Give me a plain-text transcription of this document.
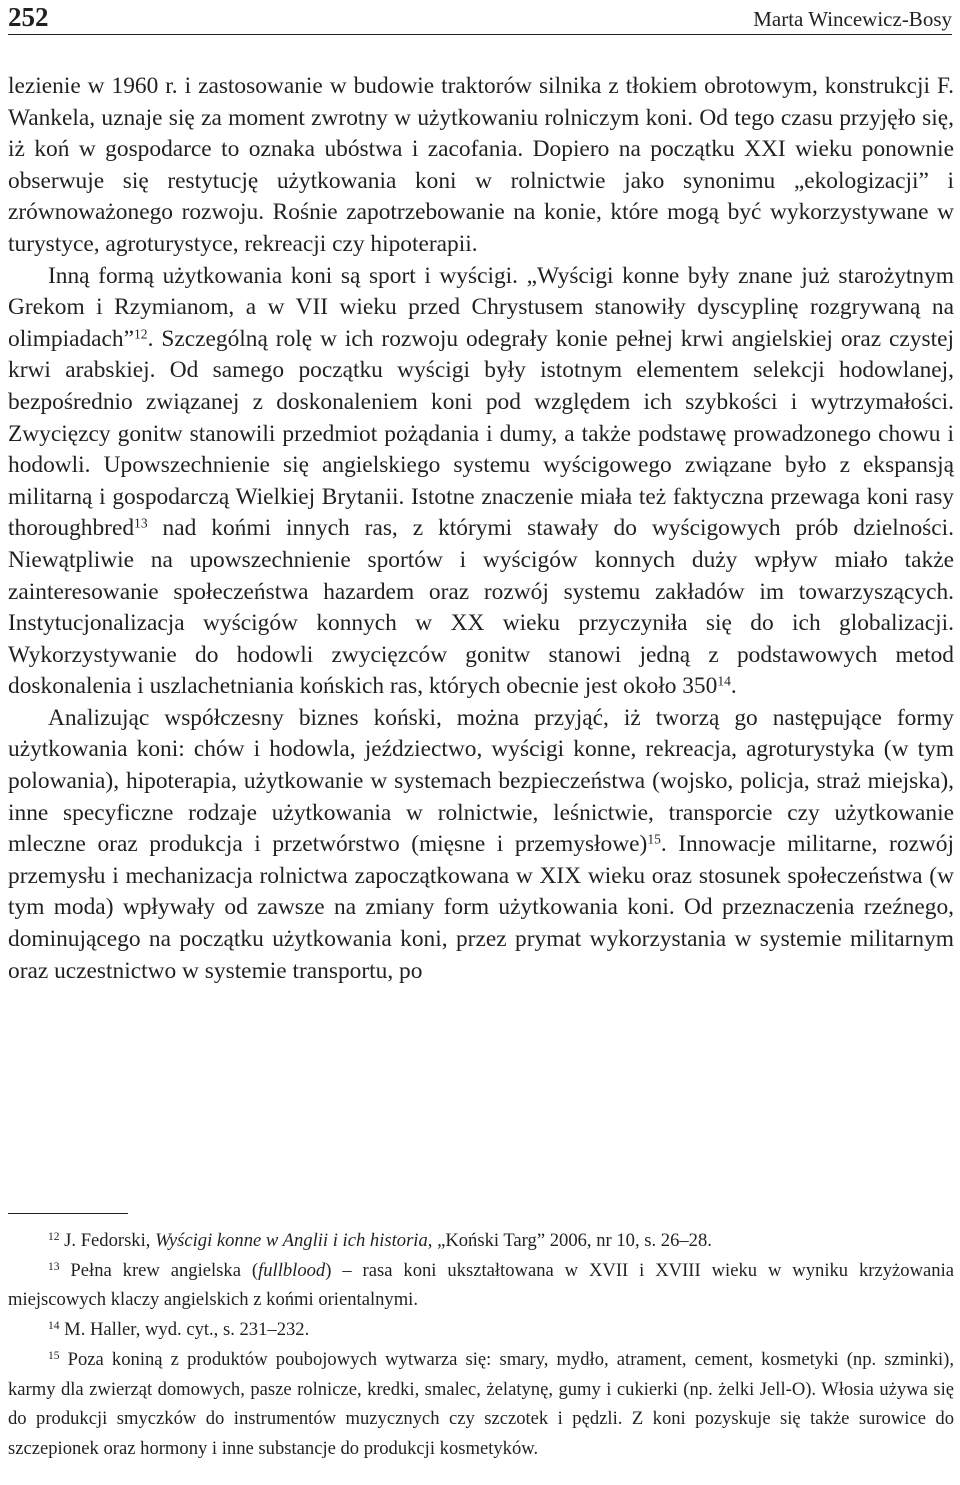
252	Marta Wincewicz-Bosy

lezienie w 1960 r. i zastosowanie w budowie traktorów silnika z tłokiem obrotowym, konstrukcji F. Wankela, uznaje się za moment zwrotny w użytkowaniu rolniczym koni. Od tego czasu przyjęło się, iż koń w gospodarce to oznaka ubóstwa i zacofania. Dopiero na początku XXI wieku ponownie obserwuje się restytucję użytkowania koni w rolnictwie jako synonimu „ekologizacji” i zrównoważonego rozwoju. Rośnie zapotrzebowanie na konie, które mogą być wykorzystywane w turystyce, agroturystyce, rekreacji czy hipoterapii.

Inną formą użytkowania koni są sport i wyścigi. „Wyścigi konne były znane już starożytnym Grekom i Rzymianom, a w VII wieku przed Chrystusem stanowiły dyscyplinę rozgrywaną na olimpiadach”$^{12}$. Szczególną rolę w ich rozwoju odegrały konie pełnej krwi angielskiej oraz czystej krwi arabskiej. Od samego początku wyścigi były istotnym elementem selekcji hodowlanej, bezpośrednio związanej z doskonaleniem koni pod względem ich szybkości i wytrzymałości. Zwycięzcy gonitw stanowili przedmiot pożądania i dumy, a także podstawę prowadzonego chowu i hodowli. Upowszechnienie się angielskiego systemu wyścigowego związane było z ekspansją militarną i gospodarczą Wielkiej Brytanii. Istotne znaczenie miała też faktyczna przewaga koni rasy thoroughbred$^{13}$ nad końmi innych ras, z którymi stawały do wyścigowych prób dzielności. Niewątpliwie na upowszechnienie sportów i wyścigów konnych duży wpływ miało także zainteresowanie społeczeństwa hazardem oraz rozwój systemu zakładów im towarzyszących. Instytucjonalizacja wyścigów konnych w XX wieku przyczyniła się do ich globalizacji. Wykorzystywanie do hodowli zwycięzców gonitw stanowi jedną z podstawowych metod doskonalenia i uszlachetniania końskich ras, których obecnie jest około $350^{14}$.

Analizując współczesny biznes koński, można przyjąć, iż tworzą go następujące formy użytkowania koni: chów i hodowla, jeździectwo, wyścigi konne, rekreacja, agroturystyka (w tym polowania), hipoterapia, użytkowanie w systemach bezpieczeństwa (wojsko, policja, straż miejska), inne specyficzne rodzaje użytkowania w rolnictwie, leśnictwie, transporcie czy użytkowanie mleczne oraz produkcja i przetwórstwo (mięsne i przemysłowe)$^{15}$. Innowacje militarne, rozwój przemysłu i mechanizacja rolnictwa zapoczątkowana w XIX wieku oraz stosunek społeczeństwa (w tym moda) wpływały od zawsze na zmiany form użytkowania koni. Od przeznaczenia rzeźnego, dominującego na początku użytkowania koni, przez prymat wykorzystania w systemie militarnym oraz uczestnictwo w systemie transportu, po

$^{12}$ J. Fedorski, Wyścigi konne w Anglii i ich historia, „Koński Targ” 2006, nr 10, s. 26–28.

$^{13}$ Pełna krew angielska (fullblood) – rasa koni ukształtowana w XVII i XVIII wieku w wyniku krzyżowania miejscowych klaczy angielskich z końmi orientalnymi.

$^{14}$ M. Haller, wyd. cyt., s. 231–232.

$^{15}$ Poza koniną z produktów poubojowych wytwarza się: smary, mydło, atrament, cement, kosmetyki (np. szminki), karmy dla zwierząt domowych, pasze rolnicze, kredki, smalec, żelatynę, gumy i cukierki (np. żelki Jell-O). Włosia używa się do produkcji smyczków do instrumentów muzycznych czy szczotek i pędzli. Z koni pozyskuje się także surowice do szczepionek oraz hormony i inne substancje do produkcji kosmetyków.
